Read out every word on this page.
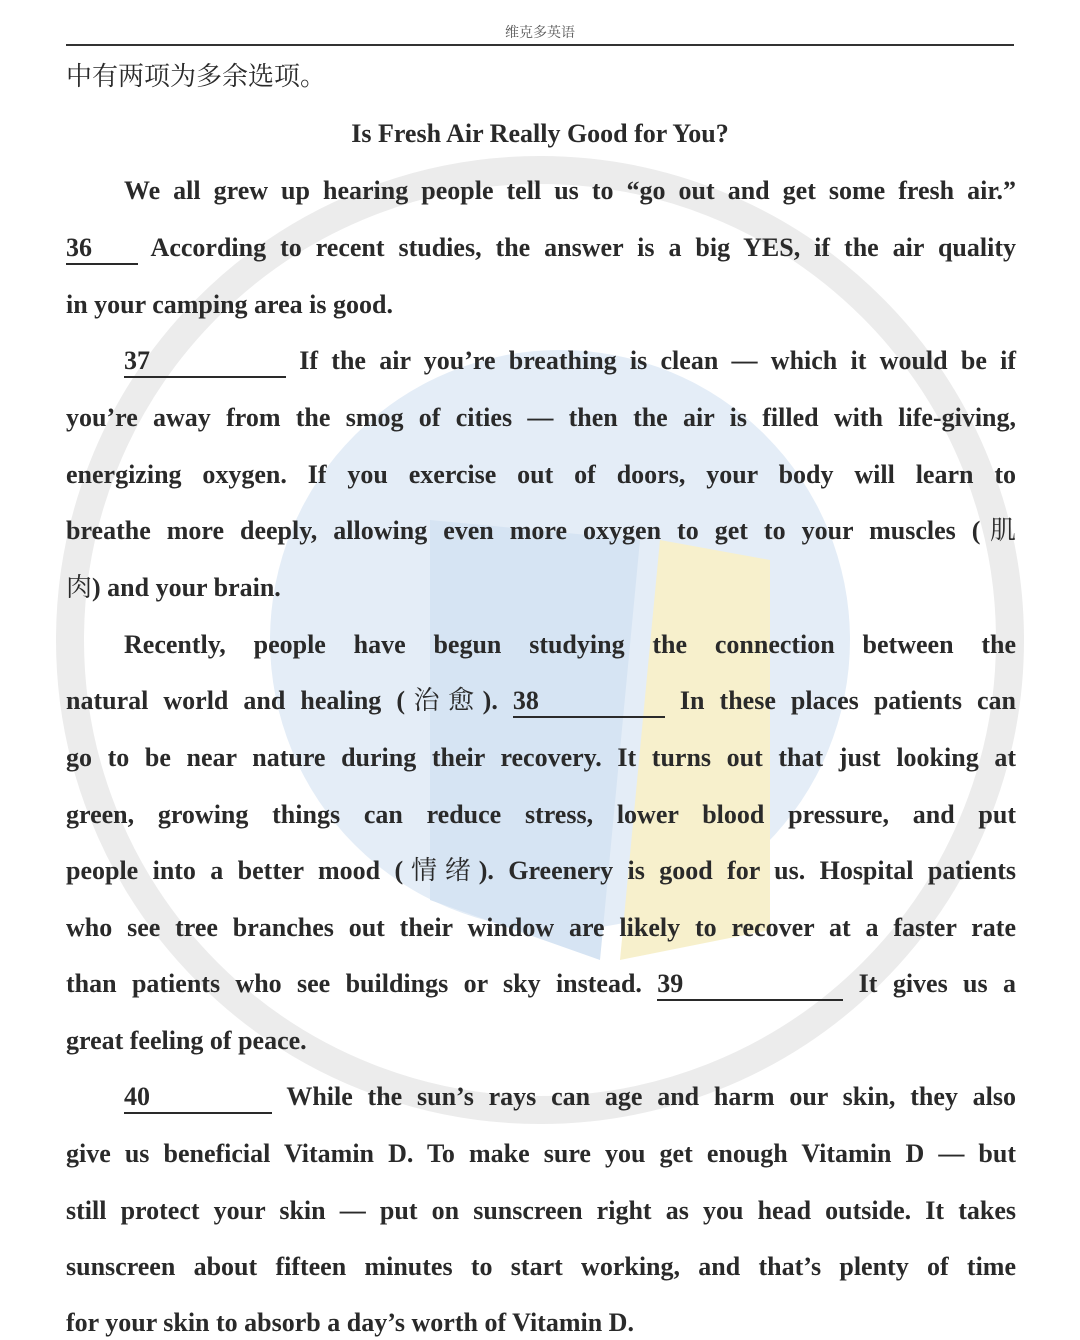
维克多英语
中有两项为多余选项。
Is Fresh Air Really Good for You?
We all grew up hearing people tell us to “go out and get some fresh air.”
36 According to recent studies, the answer is a big YES, if the air quality
in your camping area is good.
37	If the air you’re breathing is clean — which it would be if
you’re away from the smog of cities — then the air is filled with life-giving,
energizing oxygen. If you exercise out of doors, your body will learn to
breathe more deeply, allowing even more oxygen to get to your muscles (肌
肉) and your brain.
Recently, people have begun studying the connection between the
natural world and healing (治愈). 38	In these places patients can
go to be near nature during their recovery. It turns out that just looking at
green, growing things can reduce stress, lower blood pressure, and put
people into a better mood (情绪). Greenery is good for us. Hospital patients
who see tree branches out their window are likely to recover at a faster rate
than patients who see buildings or sky instead. 39	It gives us a
great feeling of peace.
40	While the sun’s rays can age and harm our skin, they also
give us beneficial Vitamin D. To make sure you get enough Vitamin D — but
still protect your skin — put on sunscreen right as you head outside. It takes
sunscreen about fifteen minutes to start working, and that’s plenty of time
for your skin to absorb a day’s worth of Vitamin D.
